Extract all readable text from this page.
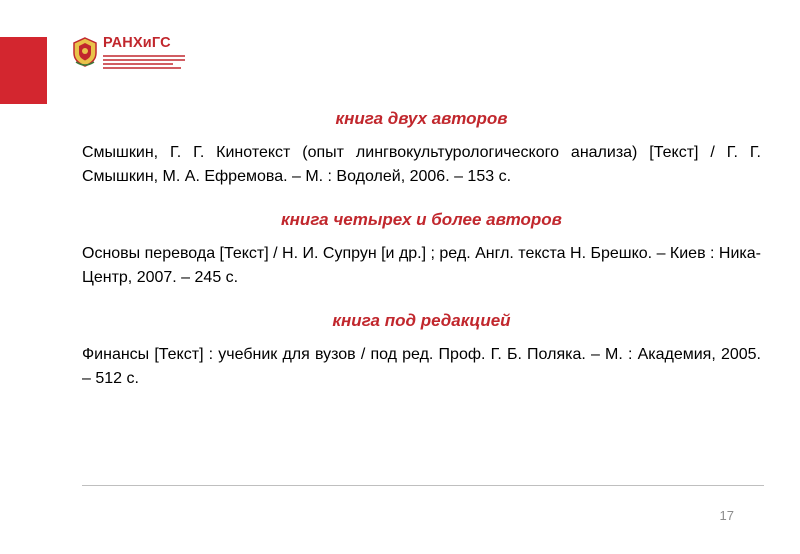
РАНХиГС
книга двух авторов
Смышкин, Г. Г. Кинотекст (опыт лингвокультурологического анализа) [Текст] / Г. Г. Смышкин, М. А. Ефремова. – М. : Водолей, 2006. – 153 с.
книга четырех и более авторов
Основы перевода [Текст] / Н. И. Супрун [и др.] ; ред. Англ. текста Н. Брешко. – Киев : Ника-Центр, 2007. – 245 с.
книга под редакцией
Финансы [Текст] : учебник для вузов / под ред. Проф. Г. Б. Поляка. – М. : Академия, 2005. – 512 с.
17
